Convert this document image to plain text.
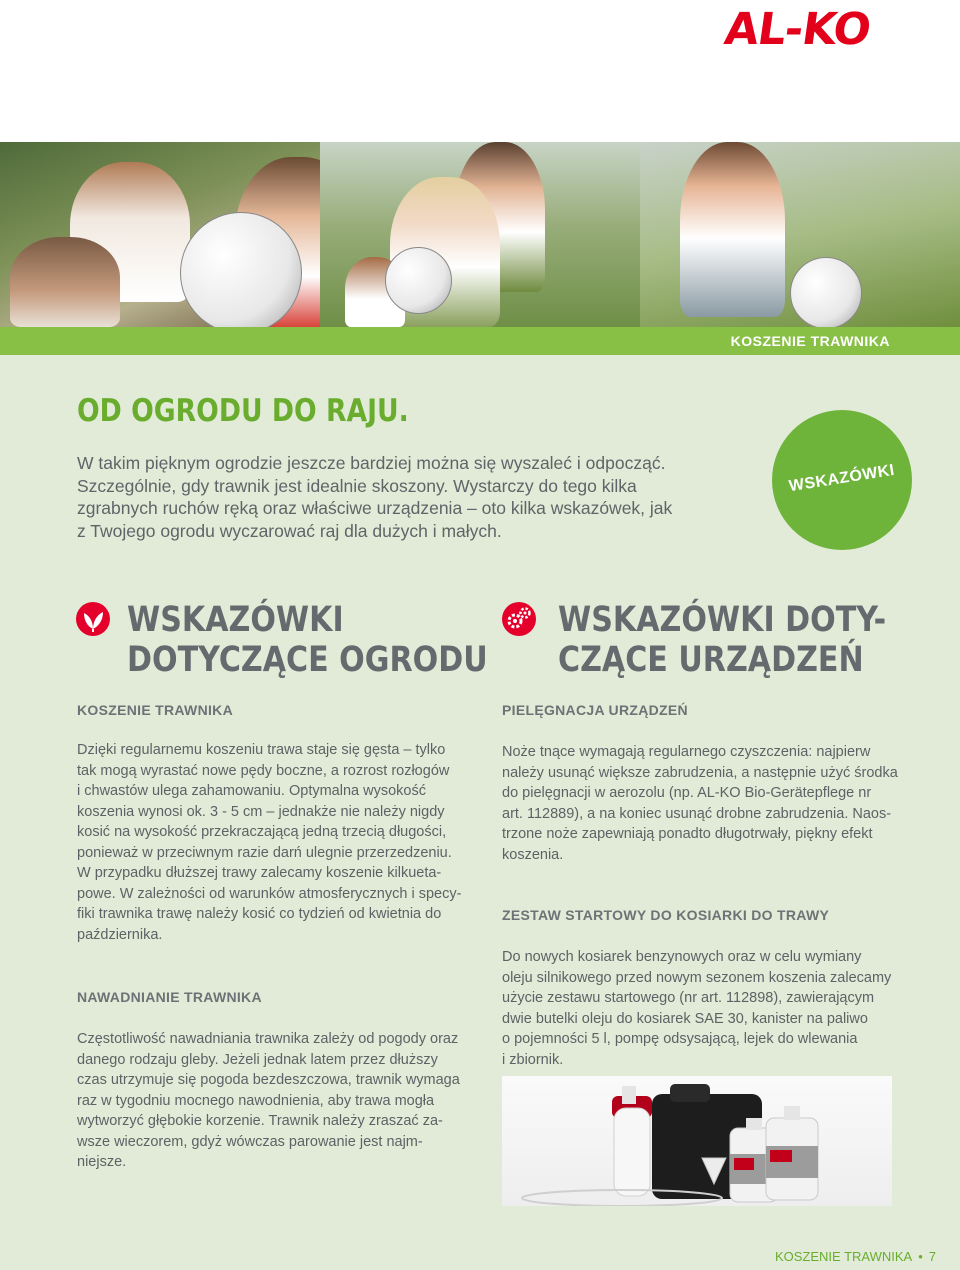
AL-KO
KOSZENIE TRAWNIKA
OD OGRODU DO RAJU.
W takim pięknym ogrodzie jeszcze bardziej można się wyszaleć i odpocząć.
Szczególnie, gdy trawnik jest idealnie skoszony. Wystarczy do tego kilka
zgrabnych ruchów ręką oraz właściwe urządzenia – oto kilka wskazówek, jak
z Twojego ogrodu wyczarować raj dla dużych i małych.
WSKAZÓWKI
WSKAZÓWKI
DOTYCZĄCE OGRODU
KOSZENIE TRAWNIKA
Dzięki regularnemu koszeniu trawa staje się gęsta – tylko
tak mogą wyrastać nowe pędy boczne, a rozrost rozłogów
i chwastów ulega zahamowaniu. Optymalna wysokość
koszenia wynosi ok. 3 - 5 cm – jednakże nie należy nigdy
kosić na wysokość przekraczającą jedną trzecią długości,
ponieważ w przeciwnym razie darń ulegnie przerzedzeniu.
W przypadku dłuższej trawy zalecamy koszenie kilkueta-
powe. W zależności od warunków atmosferycznych i specy-
fiki trawnika trawę należy kosić co tydzień od kwietnia do
października.
NAWADNIANIE TRAWNIKA
Częstotliwość nawadniania trawnika zależy od pogody oraz
danego rodzaju gleby. Jeżeli jednak latem przez dłuższy
czas utrzymuje się pogoda bezdeszczowa, trawnik wymaga
raz w tygodniu mocnego nawodnienia, aby trawa mogła
wytworzyć głębokie korzenie. Trawnik należy zraszać za-
wsze wieczorem, gdyż wówczas parowanie jest najm-
niejsze.
WSKAZÓWKI DOTY-
CZĄCE URZĄDZEŃ
PIELĘGNACJA URZĄDZEŃ
Noże tnące wymagają regularnego czyszczenia: najpierw
należy usunąć większe zabrudzenia, a następnie użyć środka
do pielęgnacji w aerozolu (np. AL-KO Bio-Gerätepflege nr
art. 112889), a na koniec usunąć drobne zabrudzenia. Naos-
trzone noże zapewniają ponadto długotrwały, piękny efekt
koszenia.
ZESTAW STARTOWY DO KOSIARKI DO TRAWY
Do nowych kosiarek benzynowych oraz w celu wymiany
oleju silnikowego przed nowym sezonem koszenia zalecamy
użycie zestawu startowego (nr art. 112898), zawierającym
dwie butelki oleju do kosiarek SAE 30, kanister na paliwo
o pojemności 5 l, pompę odsysającą, lejek do wlewania
i zbiornik.
KOSZENIE TRAWNIKA • 7
